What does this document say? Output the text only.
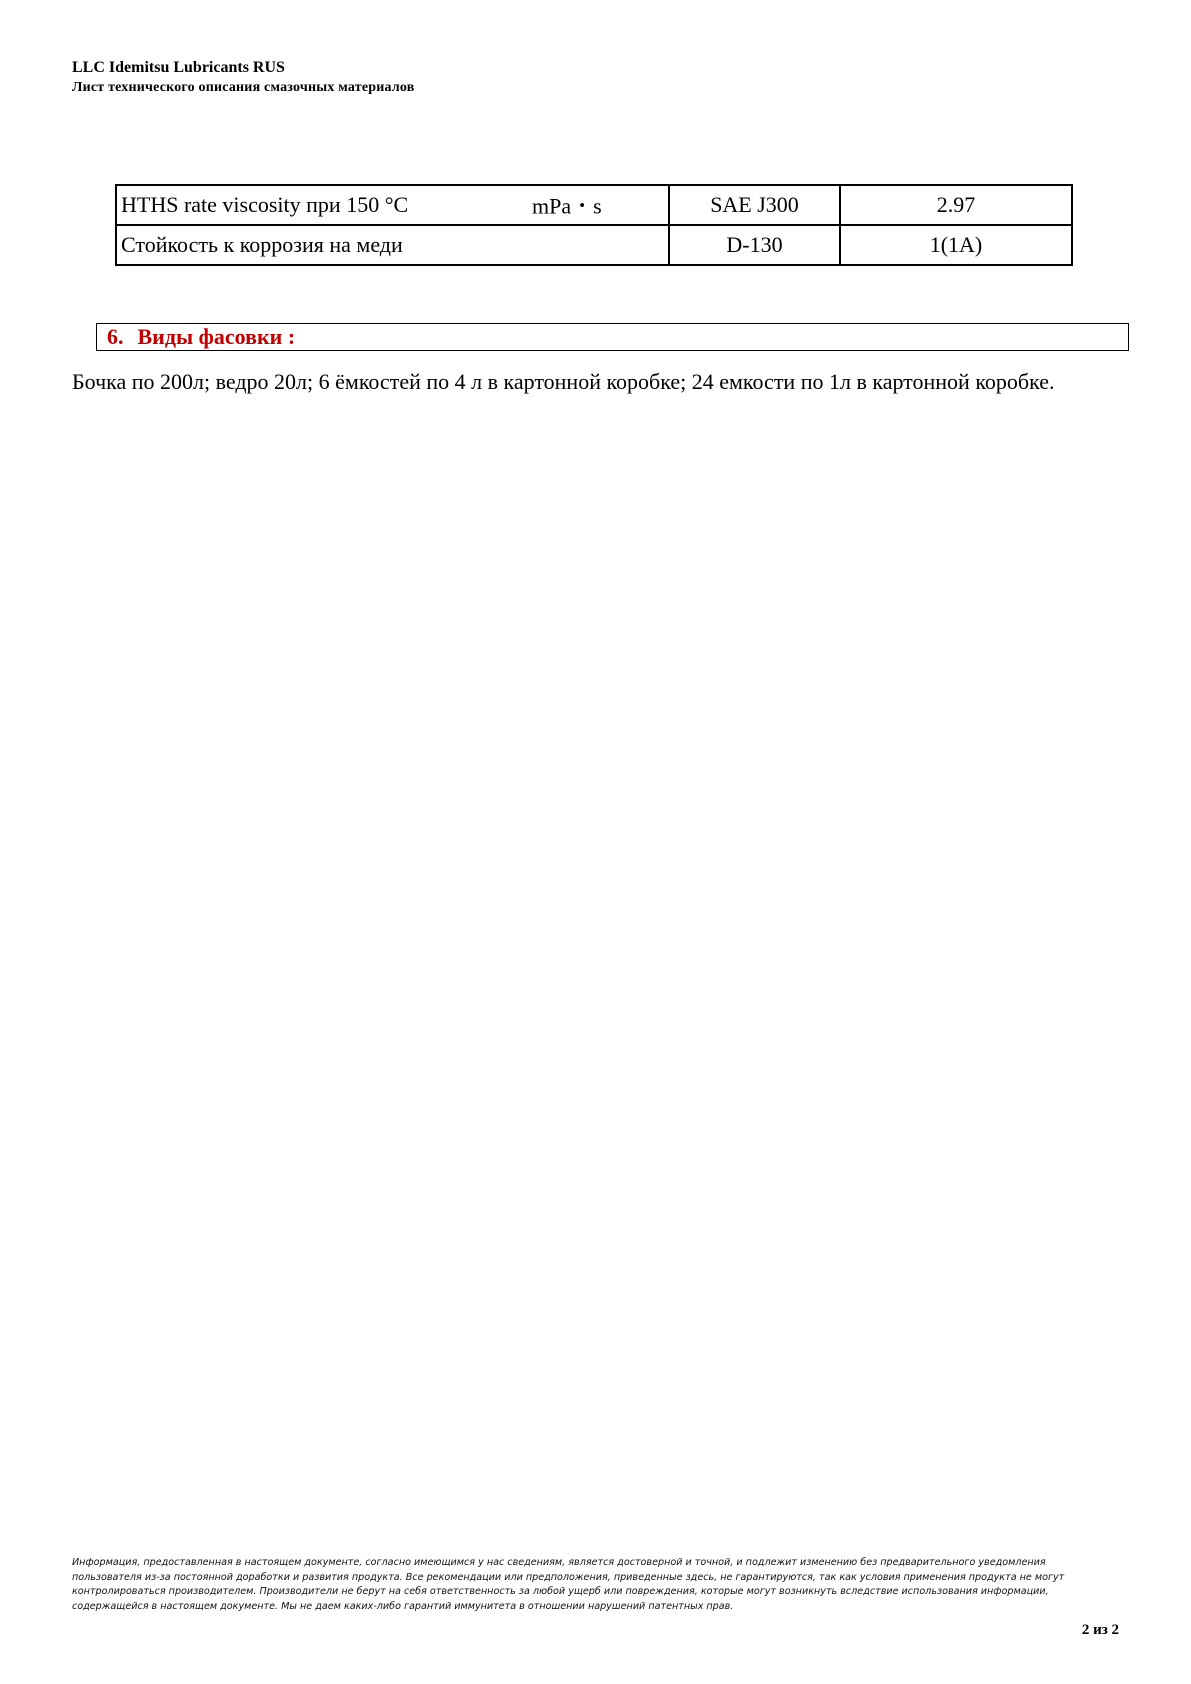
LLC Idemitsu Lubricants RUS
Лист технического описания смазочных материалов
HTHS rate viscosity при 150 °C mPa・s	SAE J300	2.97
Стойкость к коррозия на меди	D-130	1(1A)
6. Виды фасовки :
Бочка по 200л; ведро 20л; 6 ёмкостей по 4 л в картонной коробке; 24 емкости по 1л в картонной коробке.
Информация, предоставленная в настоящем документе, согласно имеющимся у нас сведениям, является достоверной и точной, и подлежит изменению без предварительного уведомления пользователя из-за постоянной доработки и развития продукта. Все рекомендации или предположения, приведенные здесь, не гарантируются, так как условия применения продукта не могут контролироваться производителем. Производители не берут на себя ответственность за любой ущерб или повреждения, которые могут возникнуть вследствие использования информации, содержащейся в настоящем документе. Мы не даем каких-либо гарантий иммунитета в отношении нарушений патентных прав.
2 из 2
